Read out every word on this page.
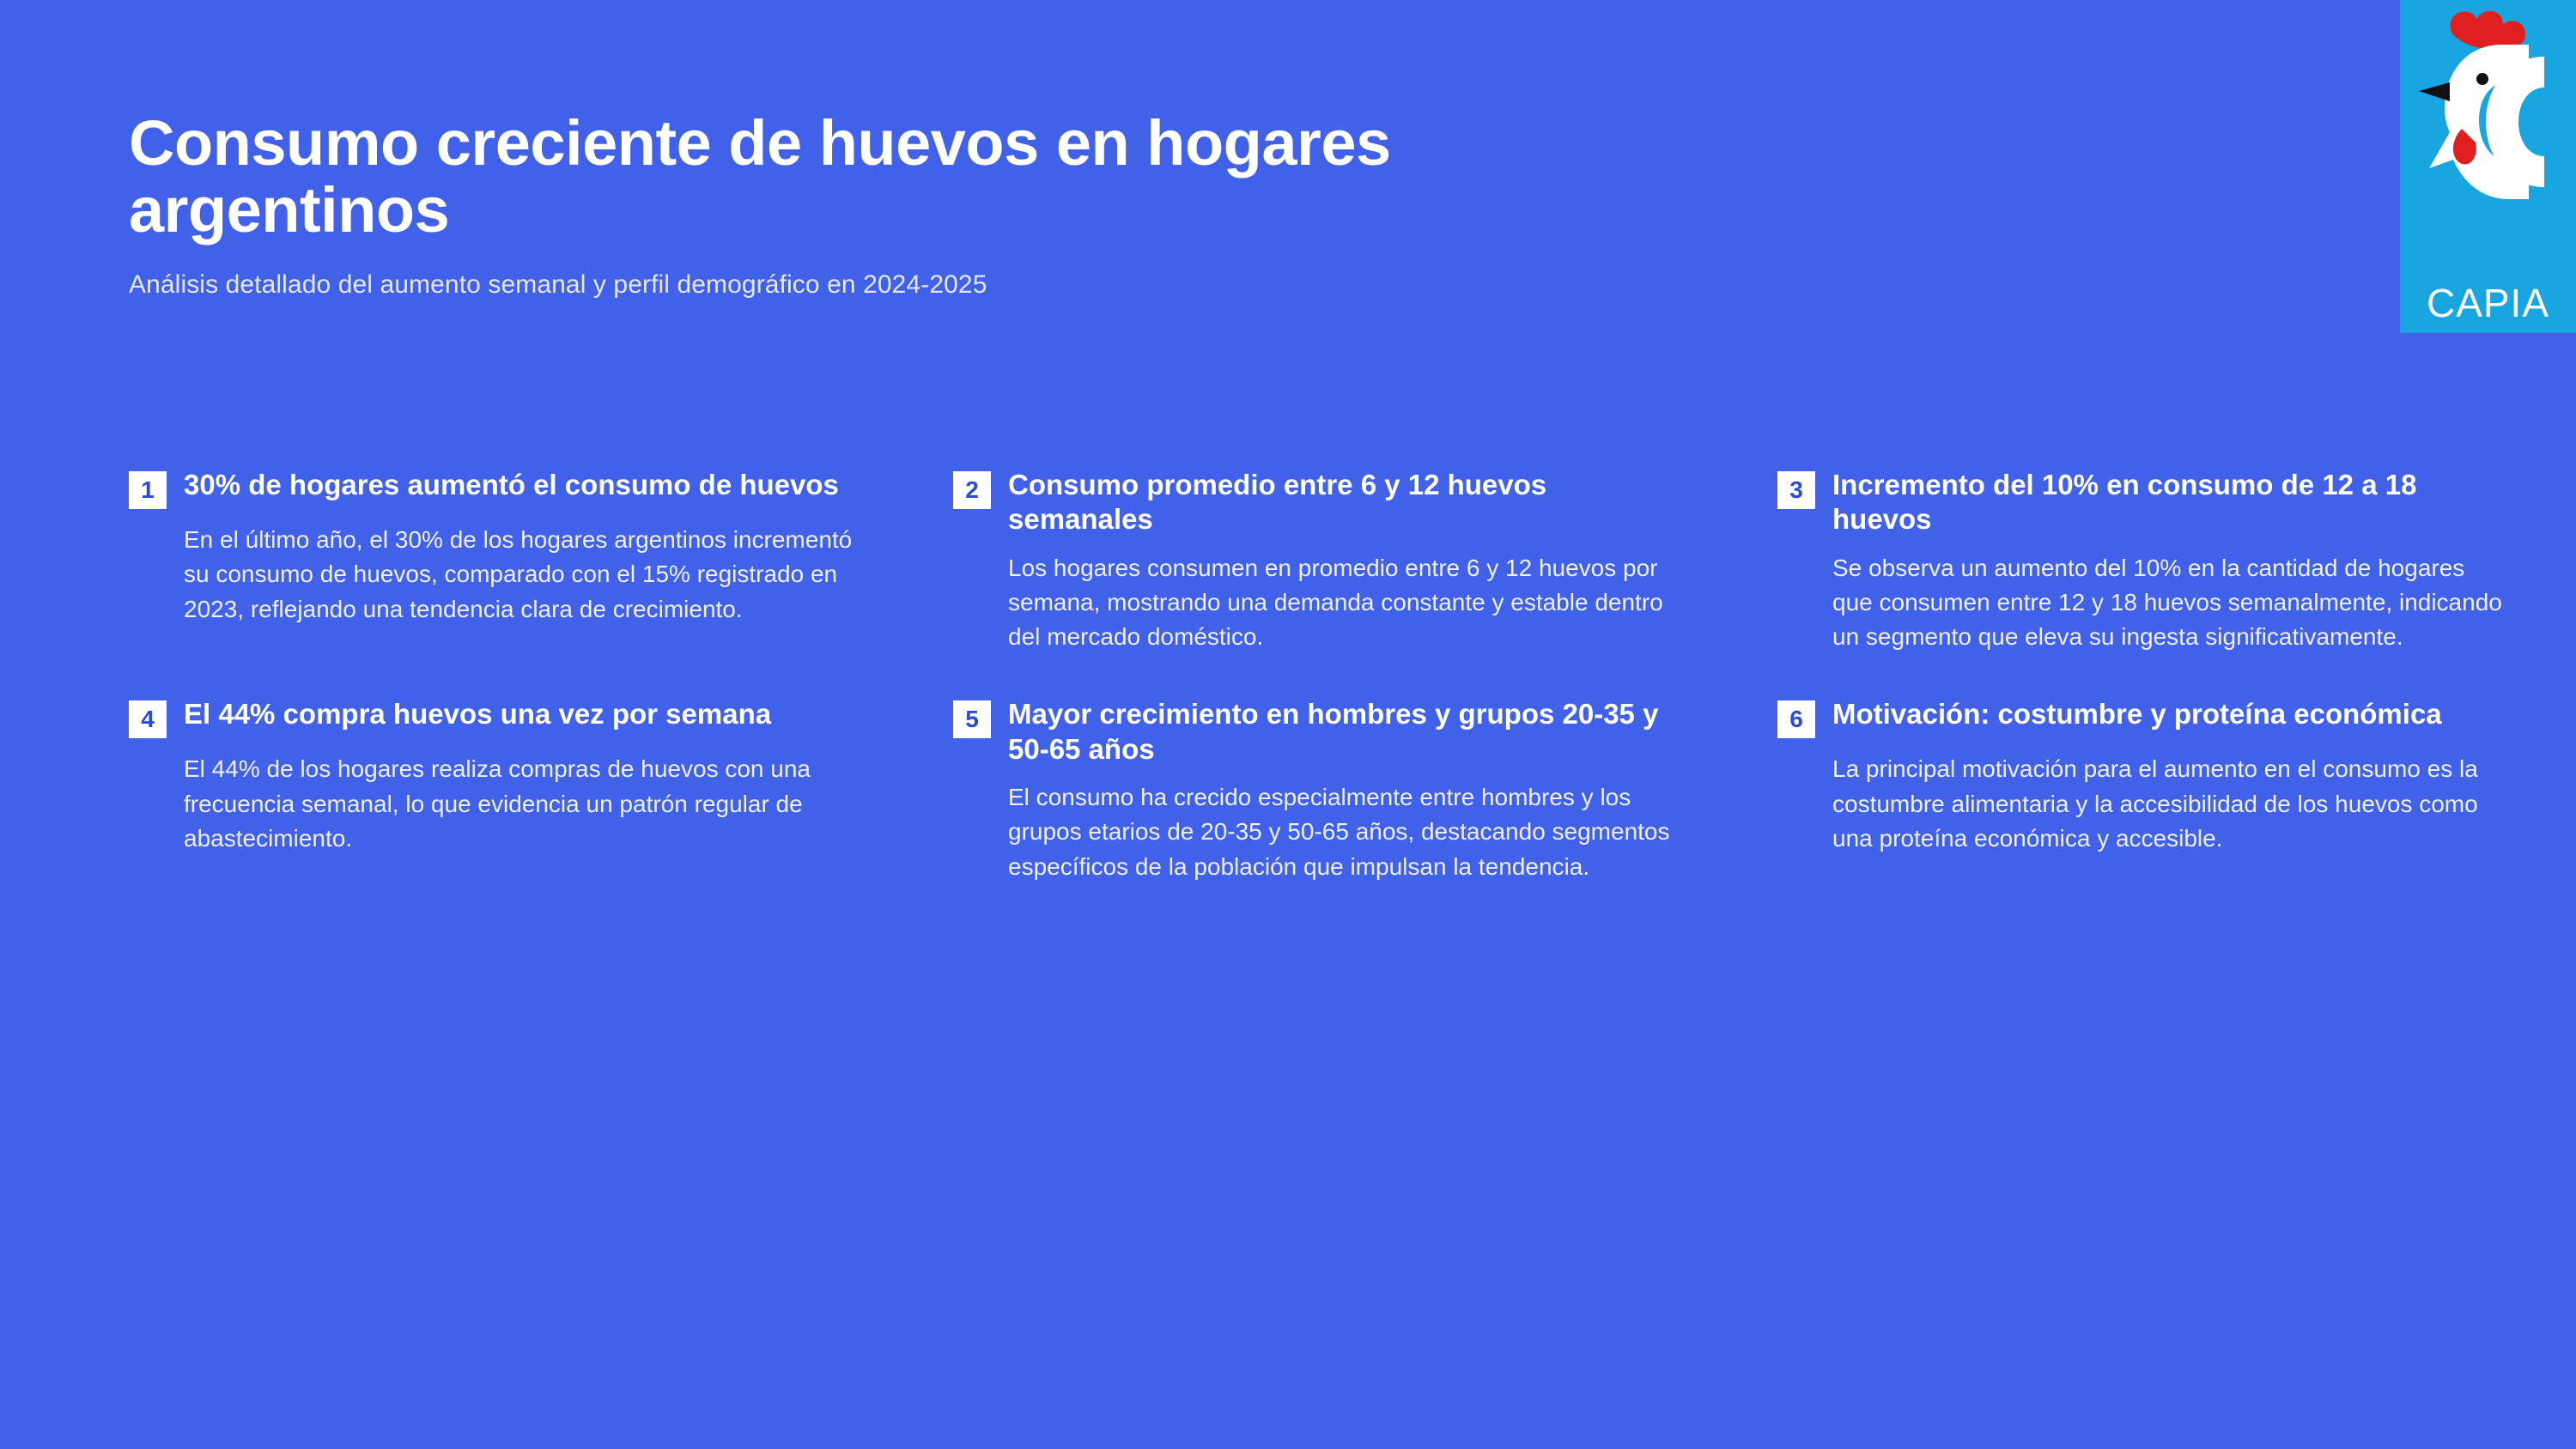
Consumo creciente de huevos en hogares argentinos

Análisis detallado del aumento semanal y perfil demográfico en 2024-2025	CAPIA
1	30% de hogares aumentó el consumo de huevos
En el último año, el 30% de los hogares argentinos incrementó su consumo de huevos, comparado con el 15% registrado en 2023, reflejando una tendencia clara de crecimiento.
2	Consumo promedio entre 6 y 12 huevos semanales
Los hogares consumen en promedio entre 6 y 12 huevos por semana, mostrando una demanda constante y estable dentro del mercado doméstico.
3	Incremento del 10% en consumo de 12 a 18 huevos
Se observa un aumento del 10% en la cantidad de hogares que consumen entre 12 y 18 huevos semanalmente, indicando un segmento que eleva su ingesta significativamente.
4	El 44% compra huevos una vez por semana
El 44% de los hogares realiza compras de huevos con una frecuencia semanal, lo que evidencia un patrón regular de abastecimiento.
5	Mayor crecimiento en hombres y grupos 20-35 y 50-65 años
El consumo ha crecido especialmente entre hombres y los grupos etarios de 20-35 y 50-65 años, destacando segmentos específicos de la población que impulsan la tendencia.
6	Motivación: costumbre y proteína económica
La principal motivación para el aumento en el consumo es la costumbre alimentaria y la accesibilidad de los huevos como una proteína económica y accesible.
